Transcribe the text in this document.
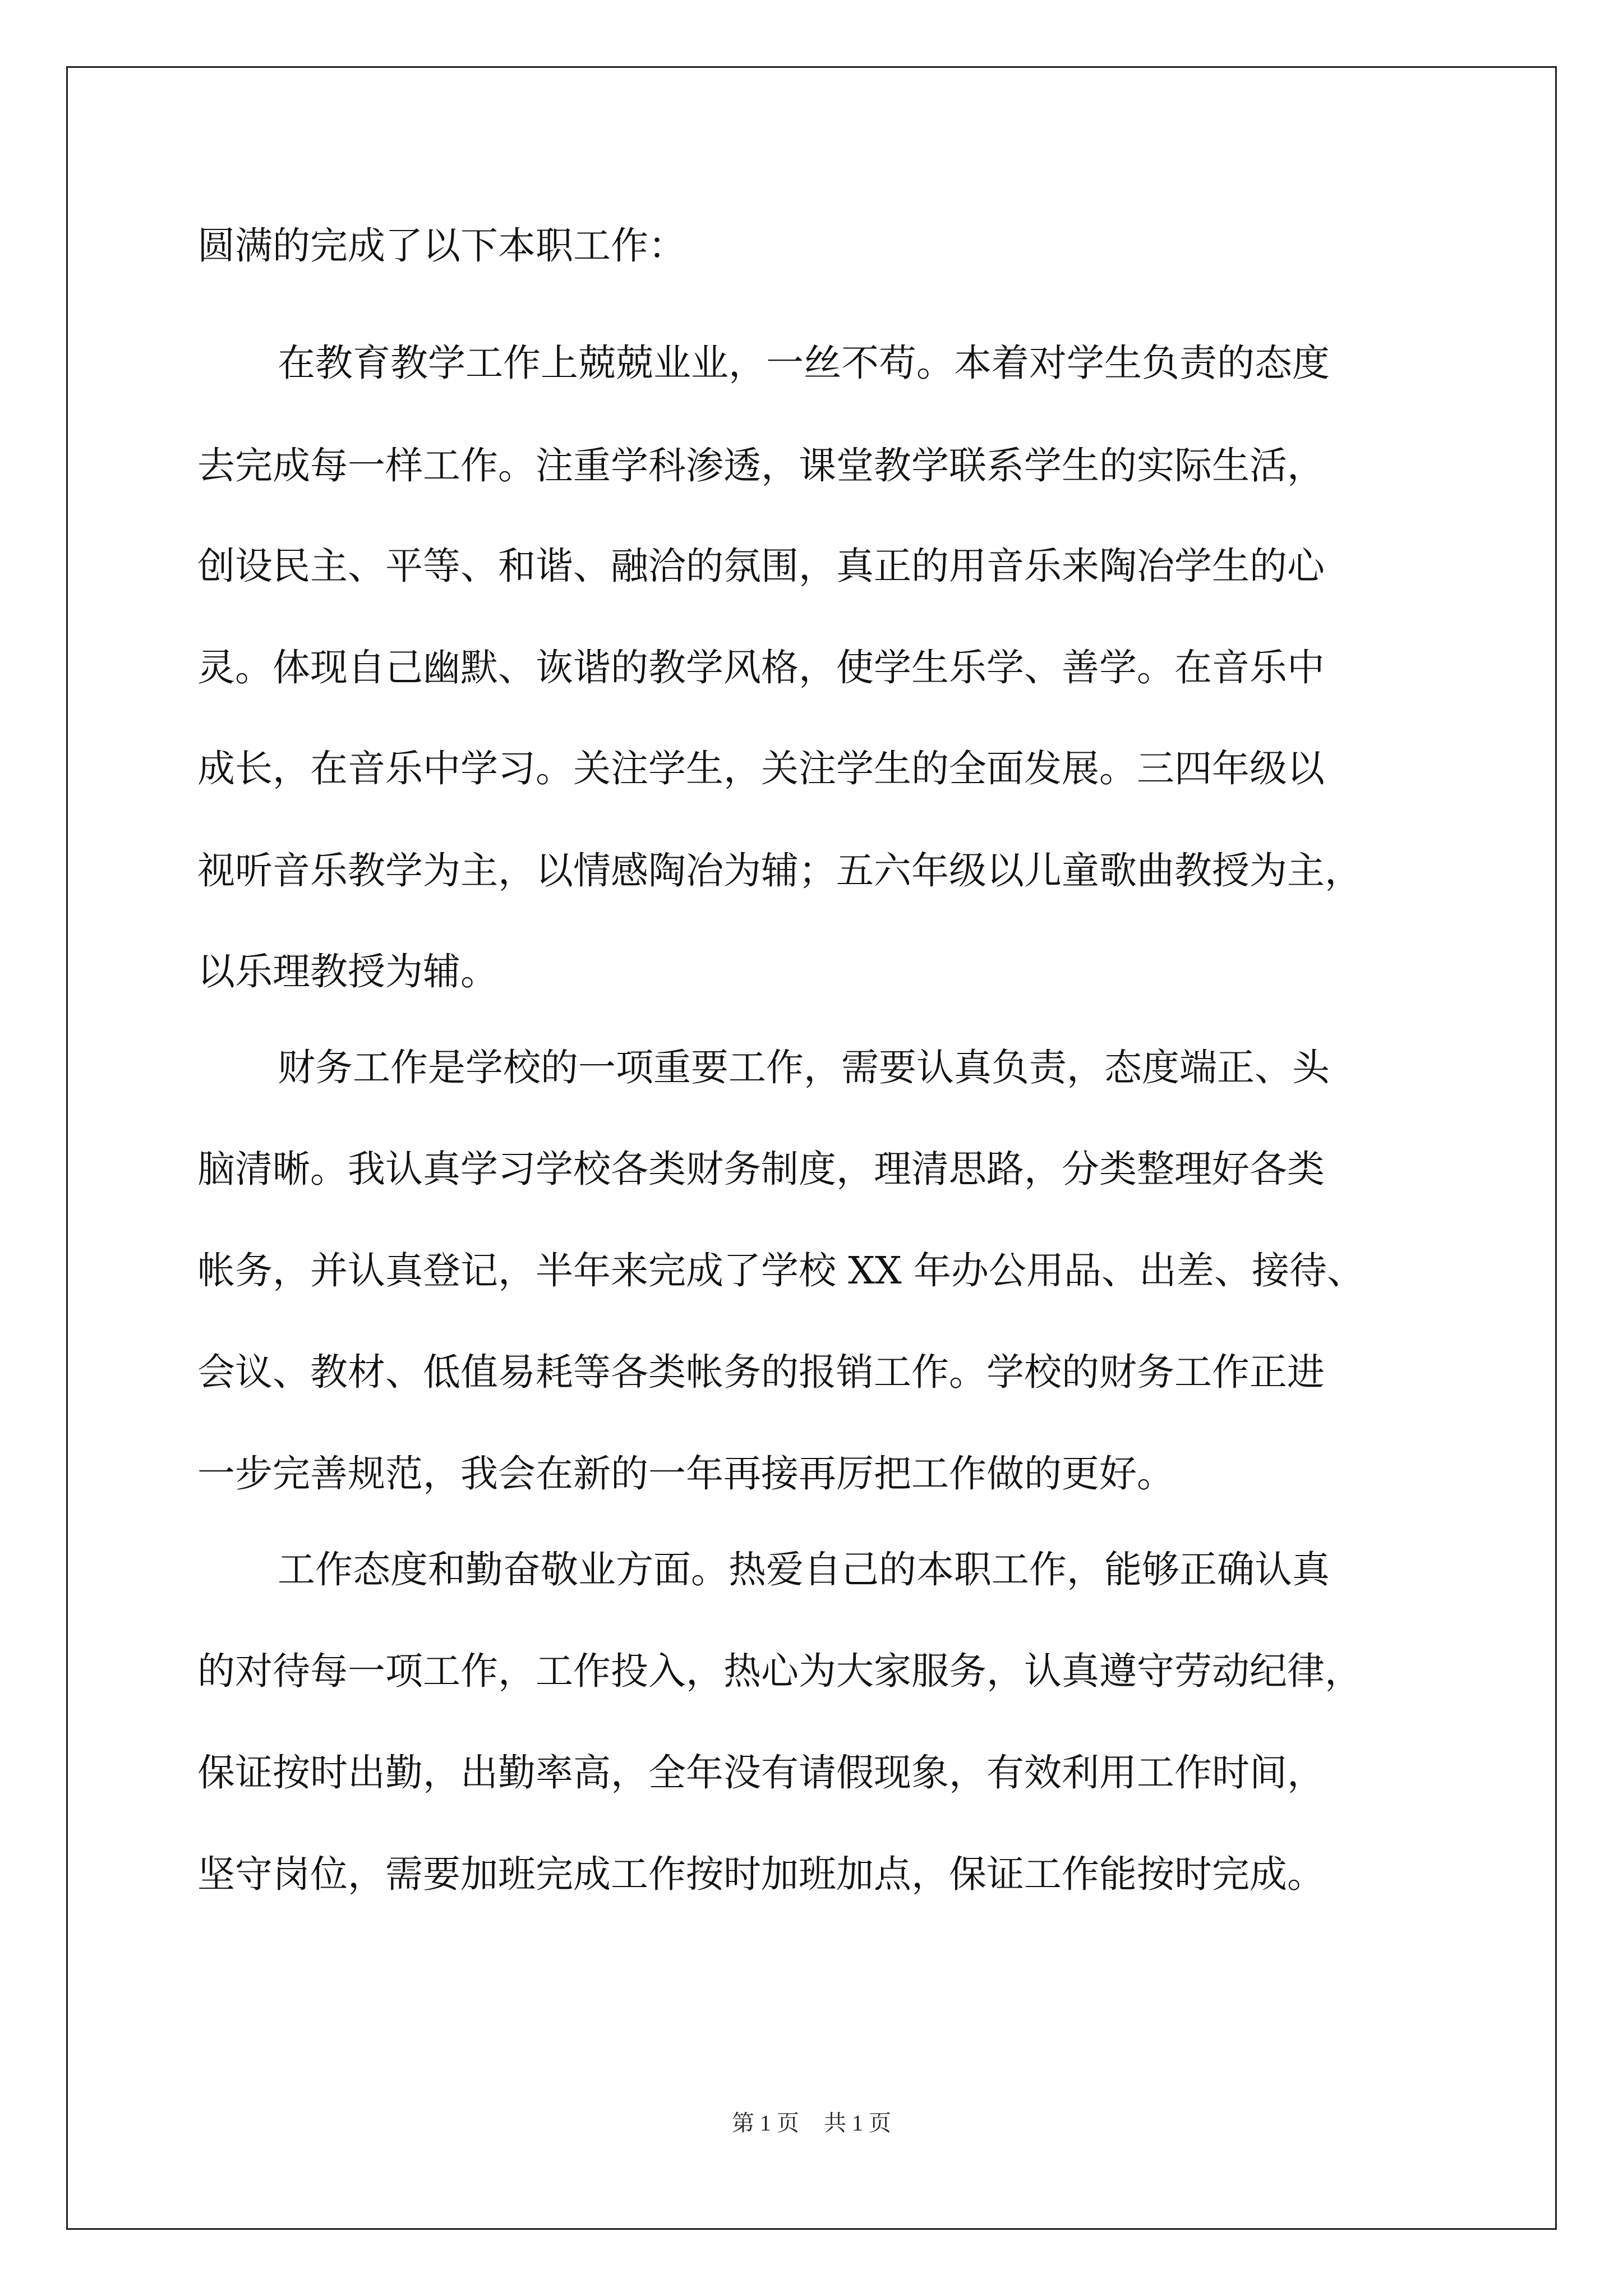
圆满的完成了以下本职工作：

在教育教学工作上兢兢业业，一丝不苟。本着对学生负责的态度

去完成每一样工作。注重学科渗透，课堂教学联系学生的实际生活，

创设民主、平等、和谐、融洽的氛围，真正的用音乐来陶冶学生的心

灵。体现自己幽默、诙谐的教学风格，使学生乐学、善学。在音乐中

成长，在音乐中学习。关注学生，关注学生的全面发展。三四年级以

视听音乐教学为主，以情感陶冶为辅；五六年级以儿童歌曲教授为主，

以乐理教授为辅。

财务工作是学校的一项重要工作，需要认真负责，态度端正、头

脑清晰。我认真学习学校各类财务制度，理清思路，分类整理好各类

帐务，并认真登记，半年来完成了学校 XX 年办公用品、出差、接待、

会议、教材、低值易耗等各类帐务的报销工作。学校的财务工作正进

一步完善规范，我会在新的一年再接再厉把工作做的更好。

工作态度和勤奋敬业方面。热爱自己的本职工作，能够正确认真

的对待每一项工作，工作投入，热心为大家服务，认真遵守劳动纪律，

保证按时出勤，出勤率高，全年没有请假现象，有效利用工作时间，

坚守岗位，需要加班完成工作按时加班加点，保证工作能按时完成。

第 1 页 共 1 页
